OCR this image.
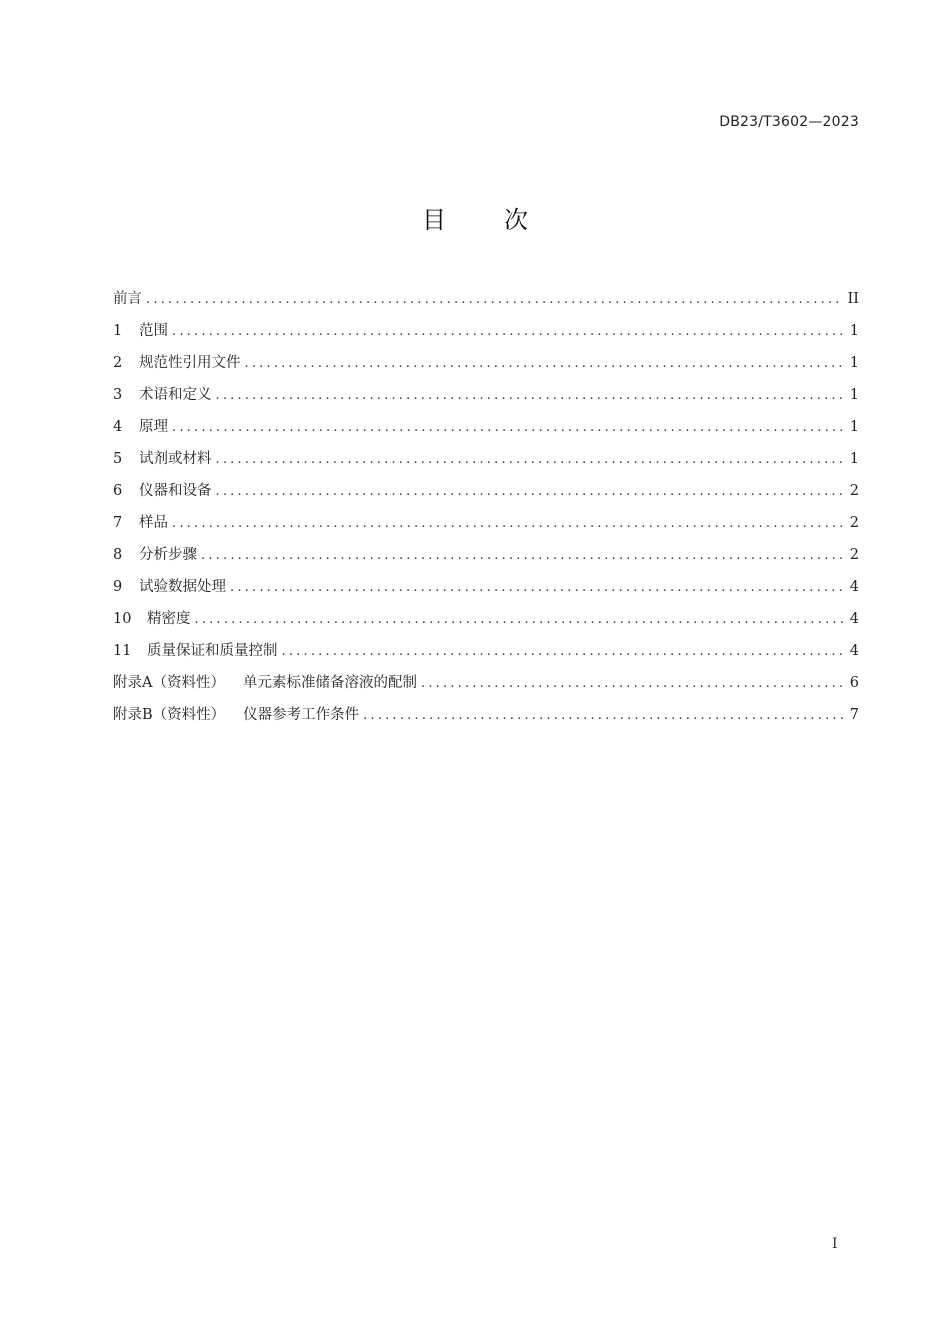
DB23/T3602—2023
目次
前言 .....	II
1	范围 .....	1
2	规范性引用文件 .....	1
3	术语和定义 .....	1
4	原理 .....	1
5	试剂或材料 .....	1
6	仪器和设备 .....	2
7	样品 .....	2
8	分析步骤 .....	2
9	试验数据处理 .....	4
10	精密度 .....	4
11	质量保证和质量控制 .....	4
附录A（资料性） 单元素标准储备溶液的配制 .....	6
附录B（资料性） 仪器参考工作条件 .....	7
I
